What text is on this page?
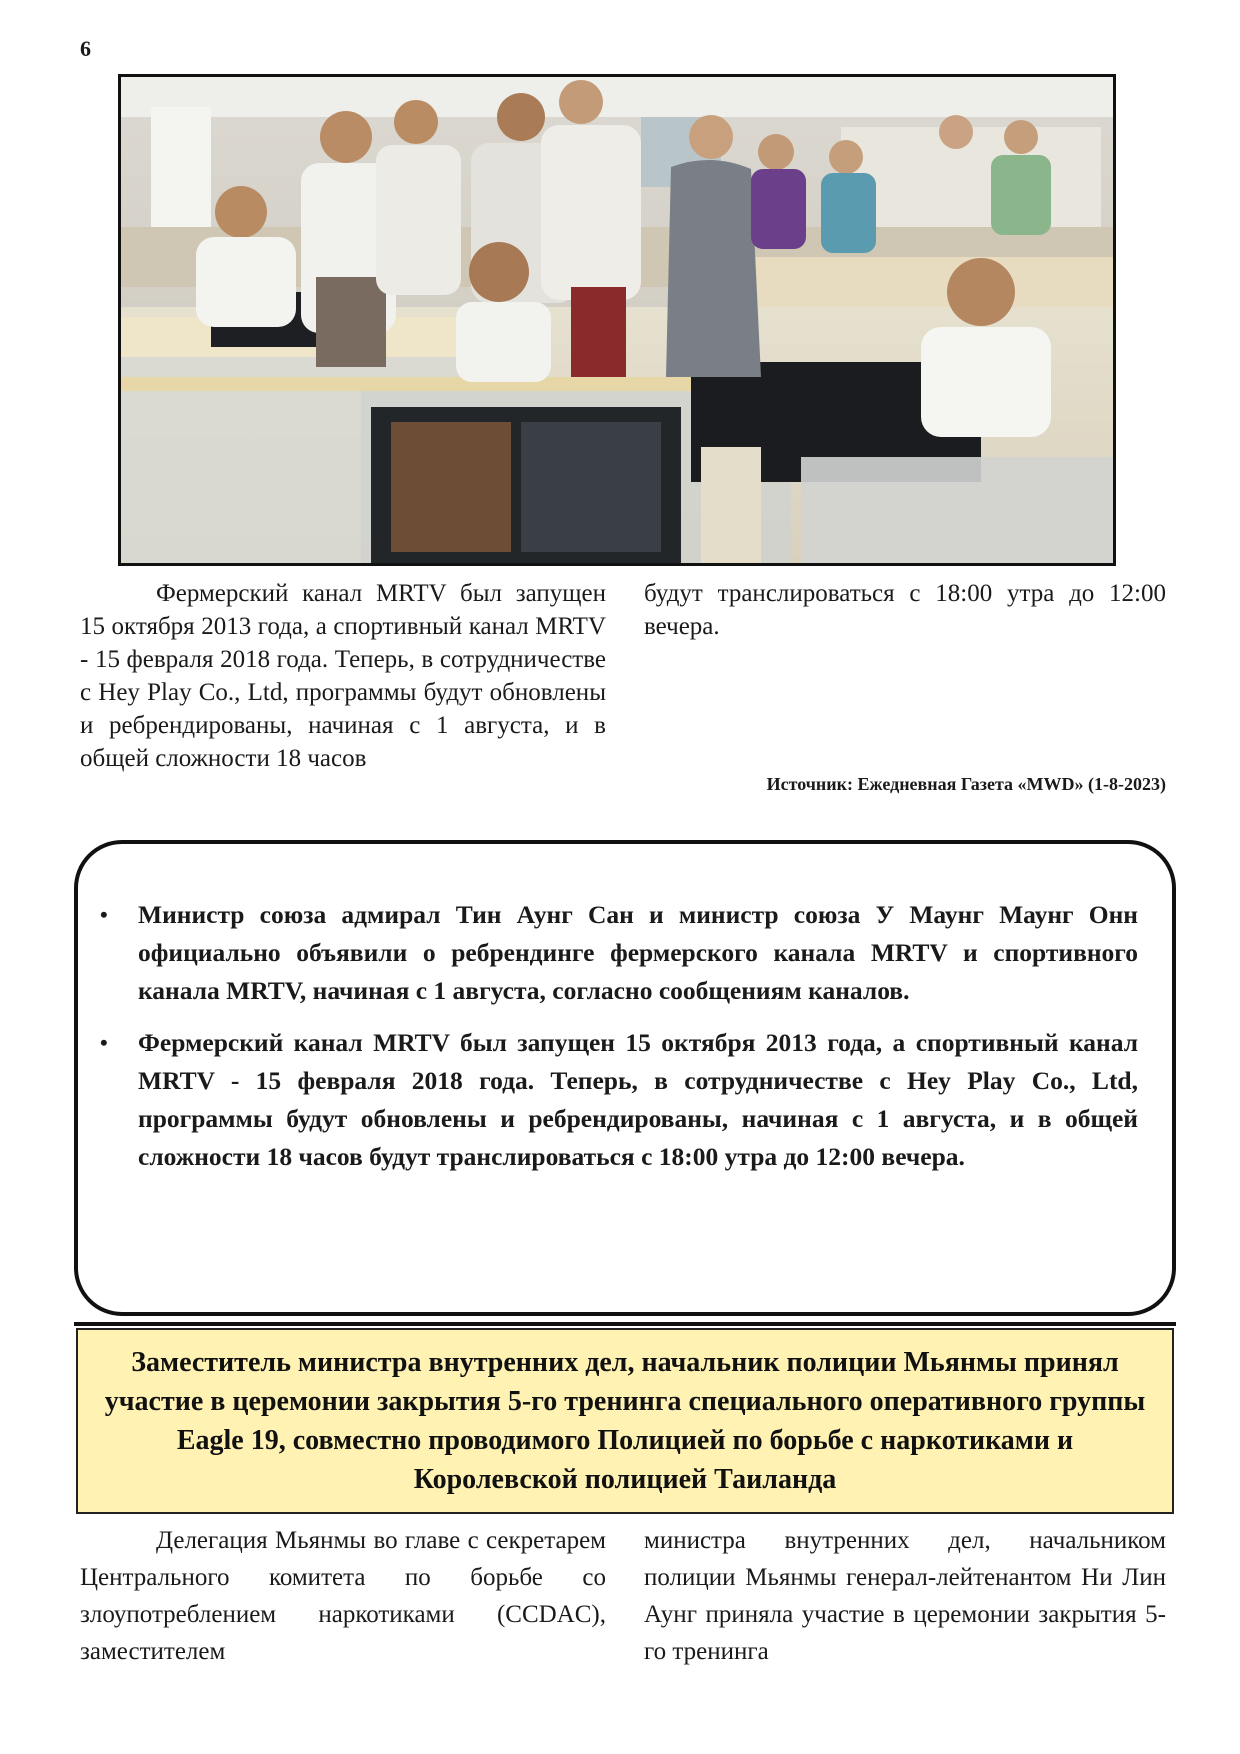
6

Фермерский канал MRTV был запущен 15 октября 2013 года, а спортивный канал MRTV - 15 февраля 2018 года. Теперь, в сотрудничестве с Hey Play Co., Ltd, программы будут обновлены и ребрендированы, начиная с 1 августа, и в общей сложности 18 часов

будут транслироваться с 18:00 утра до 12:00 вечера.

Источник: Ежедневная Газета «MWD» (1-8-2023)
• Министр союза адмирал Тин Аунг Сан и министр союза У Маунг Маунг Онн официально объявили о ребрендинге фермерского канала MRTV и спортивного канала MRTV, начиная с 1 августа, согласно сообщениям каналов.
• Фермерский канал MRTV был запущен 15 октября 2013 года, а спортивный канал MRTV - 15 февраля 2018 года. Теперь, в сотрудничестве с Hey Play Co., Ltd, программы будут обновлены и ребрендированы, начиная с 1 августа, и в общей сложности 18 часов будут транслироваться с 18:00 утра до 12:00 вечера.
Заместитель министра внутренних дел, начальник полиции Мьянмы принял участие в церемонии закрытия 5-го тренинга специального оперативного группы Eagle 19, совместно проводимого Полицией по борьбе с наркотиками и Королевской полицией Таиланда

Делегация Мьянмы во главе с секретарем Центрального комитета по борьбе со злоупотреблением наркотиками (CCDAC), заместителем

министра внутренних дел, начальником полиции Мьянмы генерал-лейтенантом Ни Лин Аунг приняла участие в церемонии закрытия 5-го тренинга
